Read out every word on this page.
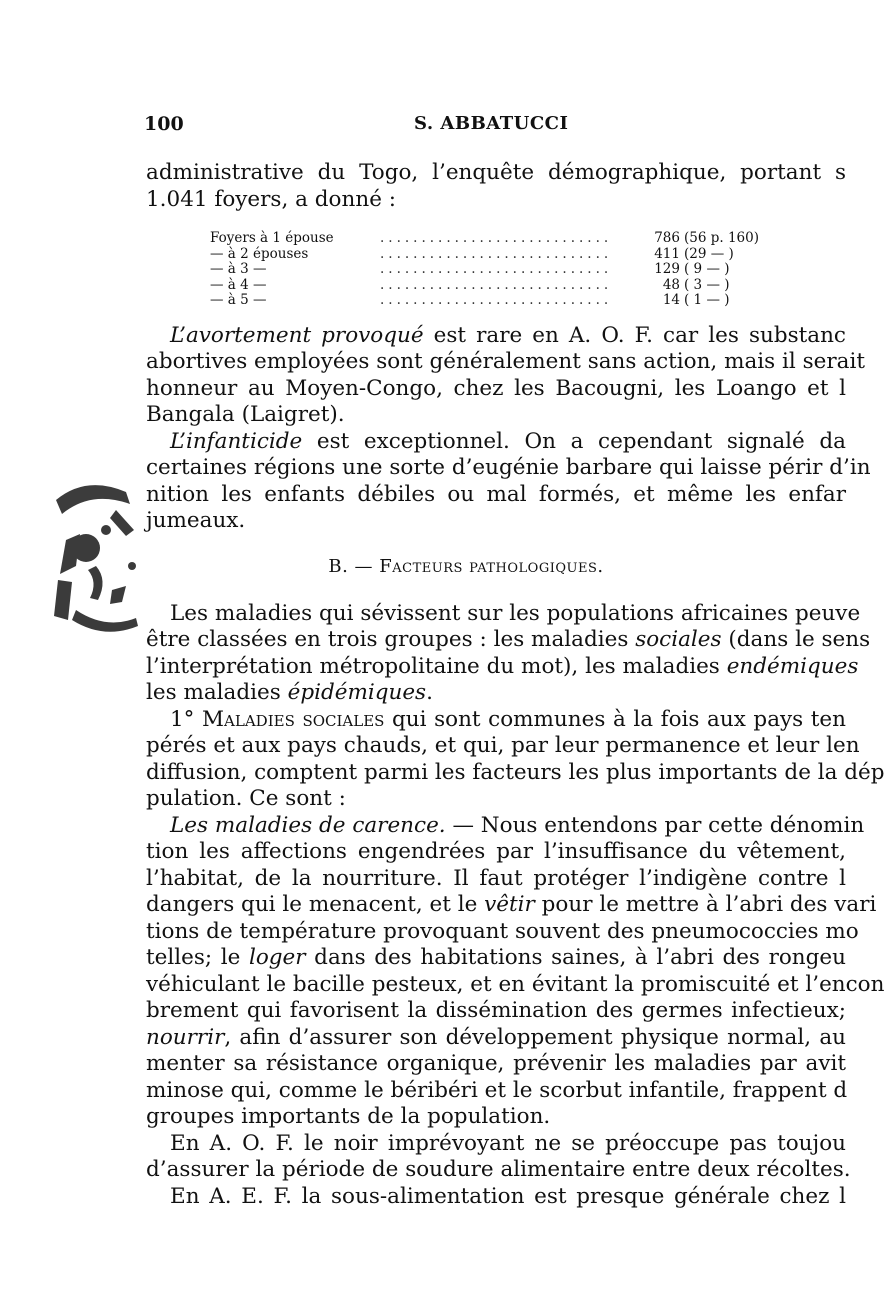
100	S. ABBATUCCI
administrative du Togo, l’enquête démographique, portant s
1.041 foyers, a donné :
Foyers à 1 épouse	............................	786 (56 p. 160)
— à 2 épouses	............................	411 (29 — )
— à 3 —	............................	129 ( 9 — )
— à 4 —	............................	48 ( 3 — )
— à 5 —	............................	14 ( 1 — )
L’avortement provoqué est rare en A. O. F. car les substanc
abortives employées sont généralement sans action, mais il serait
honneur au Moyen-Congo, chez les Bacougni, les Loango et l
Bangala (Laigret).
L’infanticide est exceptionnel. On a cependant signalé da
certaines régions une sorte d’eugénie barbare qui laisse périr d’in
nition les enfants débiles ou mal formés, et même les enfar
jumeaux.
B. — Facteurs pathologiques.
Les maladies qui sévissent sur les populations africaines peuve
être classées en trois groupes : les maladies sociales (dans le sens
l’interprétation métropolitaine du mot), les maladies endémiques
les maladies épidémiques.
1° Maladies sociales qui sont communes à la fois aux pays ten
pérés et aux pays chauds, et qui, par leur permanence et leur len
diffusion, comptent parmi les facteurs les plus importants de la dép
pulation. Ce sont :
Les maladies de carence. — Nous entendons par cette dénomin
tion les affections engendrées par l’insuffisance du vêtement,
l’habitat, de la nourriture. Il faut protéger l’indigène contre l
dangers qui le menacent, et le vêtir pour le mettre à l’abri des vari
tions de température provoquant souvent des pneumococcies mo
telles; le loger dans des habitations saines, à l’abri des rongeu
véhiculant le bacille pesteux, et en évitant la promiscuité et l’encon
brement qui favorisent la dissémination des germes infectieux;
nourrir, afin d’assurer son développement physique normal, au
menter sa résistance organique, prévenir les maladies par avit
minose qui, comme le béribéri et le scorbut infantile, frappent d
groupes importants de la population.
En A. O. F. le noir imprévoyant ne se préoccupe pas toujou
d’assurer la période de soudure alimentaire entre deux récoltes.
En A. E. F. la sous-alimentation est presque générale chez l
